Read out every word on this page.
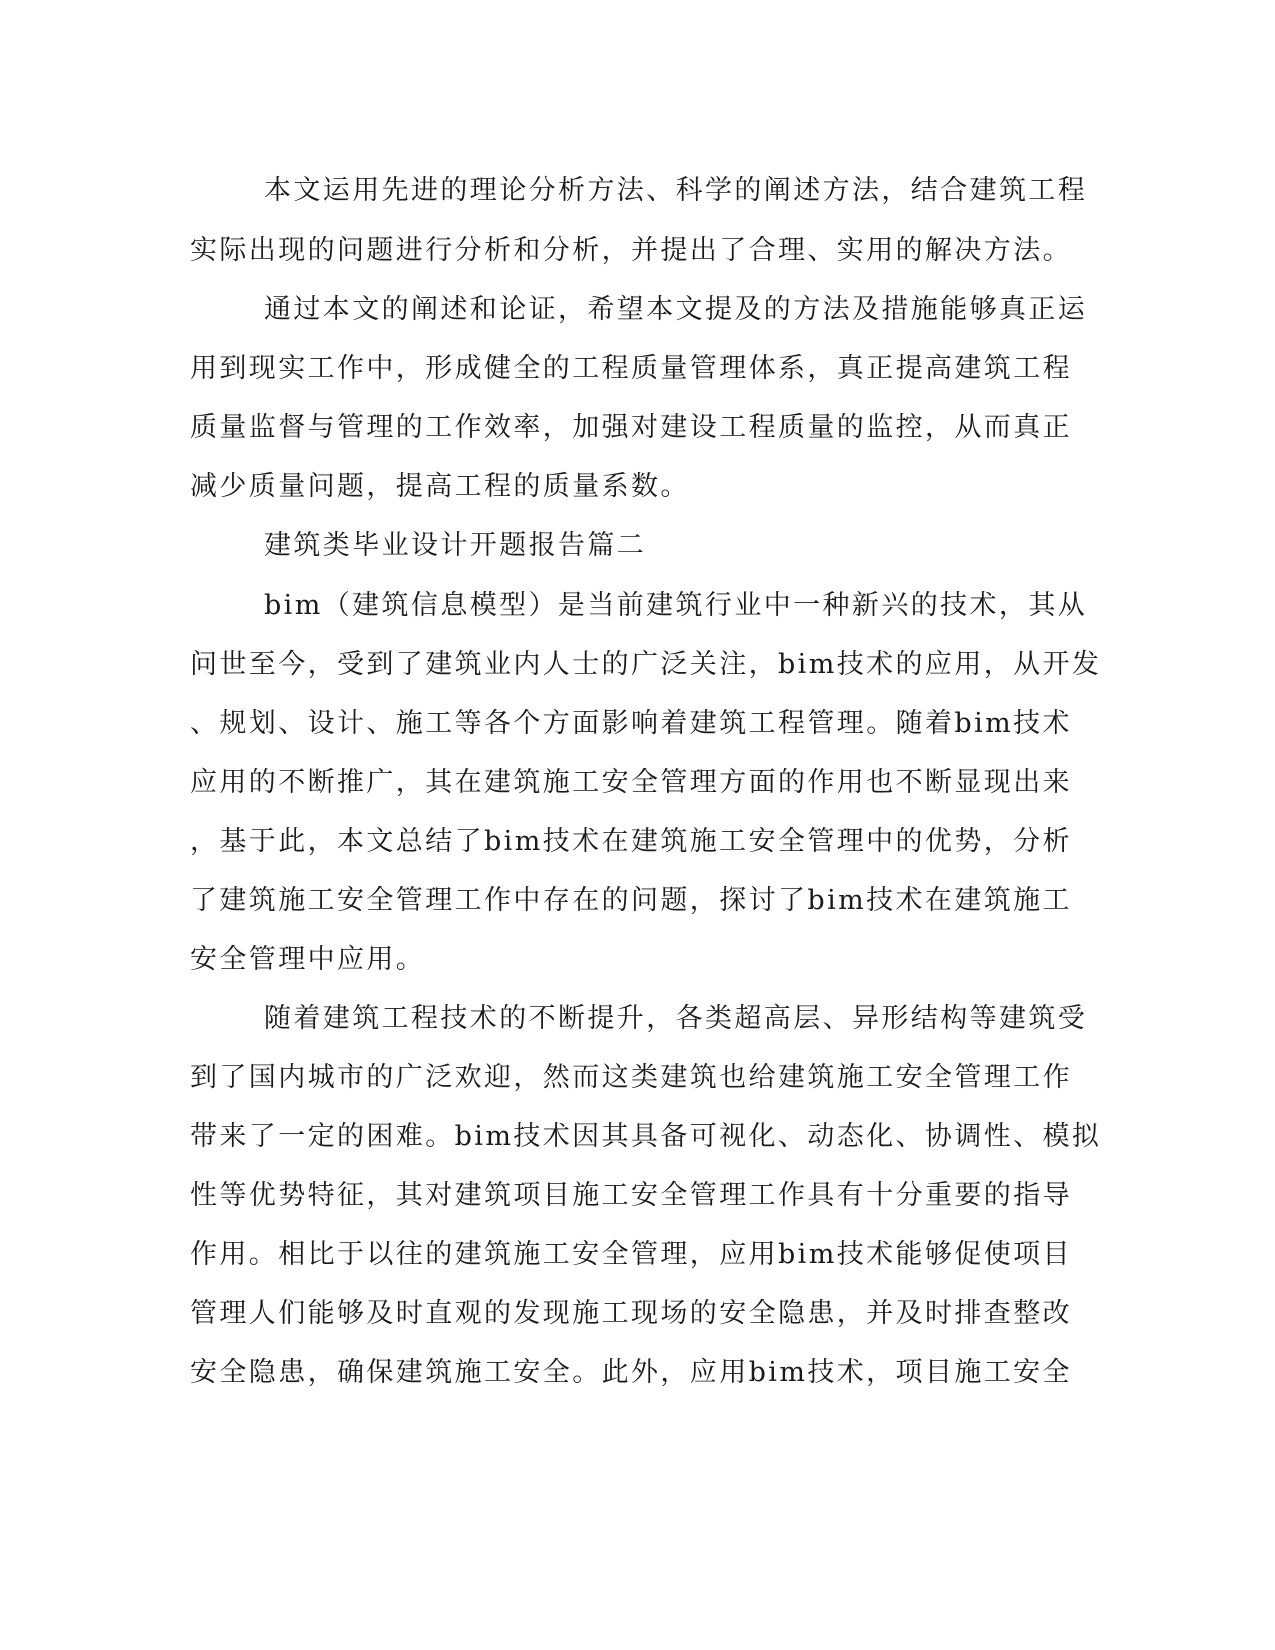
本文运用先进的理论分析方法、科学的阐述方法，结合建筑工程
实际出现的问题进行分析和分析，并提出了合理、实用的解决方法。
通过本文的阐述和论证，希望本文提及的方法及措施能够真正运
用到现实工作中，形成健全的工程质量管理体系，真正提高建筑工程
质量监督与管理的工作效率，加强对建设工程质量的监控，从而真正
减少质量问题，提高工程的质量系数。
建筑类毕业设计开题报告篇二
bim（建筑信息模型）是当前建筑行业中一种新兴的技术，其从
问世至今，受到了建筑业内人士的广泛关注，bim技术的应用，从开发
、规划、设计、施工等各个方面影响着建筑工程管理。随着bim技术
应用的不断推广，其在建筑施工安全管理方面的作用也不断显现出来
，基于此，本文总结了bim技术在建筑施工安全管理中的优势，分析
了建筑施工安全管理工作中存在的问题，探讨了bim技术在建筑施工
安全管理中应用。
随着建筑工程技术的不断提升，各类超高层、异形结构等建筑受
到了国内城市的广泛欢迎，然而这类建筑也给建筑施工安全管理工作
带来了一定的困难。bim技术因其具备可视化、动态化、协调性、模拟
性等优势特征，其对建筑项目施工安全管理工作具有十分重要的指导
作用。相比于以往的建筑施工安全管理，应用bim技术能够促使项目
管理人们能够及时直观的发现施工现场的安全隐患，并及时排查整改
安全隐患，确保建筑施工安全。此外，应用bim技术，项目施工安全
